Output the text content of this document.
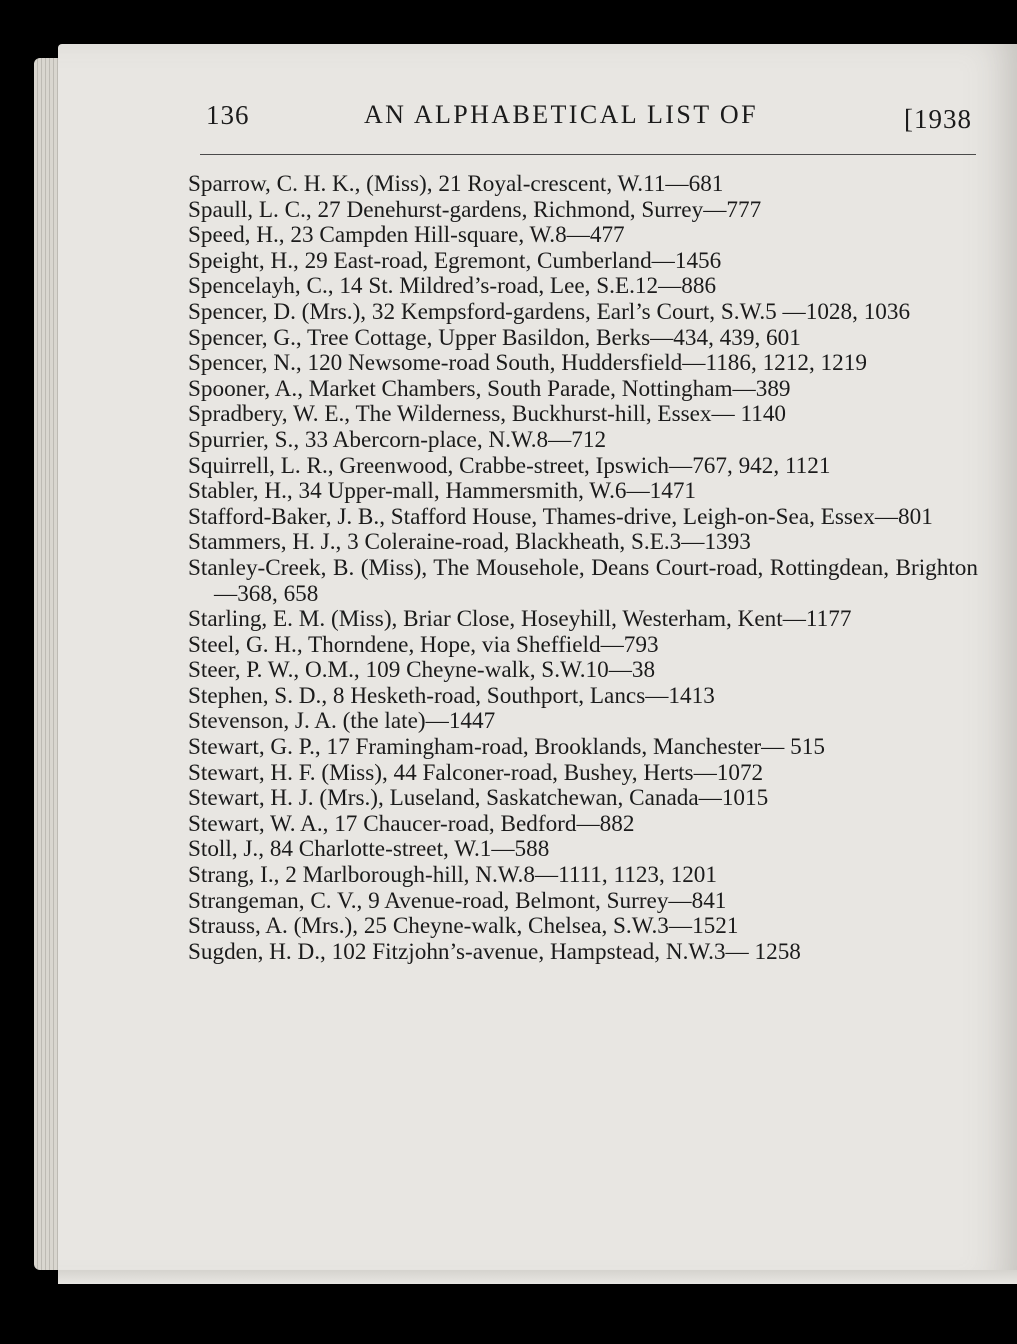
136	AN ALPHABETICAL LIST OF	[1938

Sparrow, C. H. K., (Miss), 21 Royal-crescent, W.11—681

Spaull, L. C., 27 Denehurst-gardens, Richmond, Surrey—777

Speed, H., 23 Campden Hill-square, W.8—477

Speight, H., 29 East-road, Egremont, Cumberland—1456

Spencelayh, C., 14 St. Mildred’s-road, Lee, S.E.12—886

Spencer, D. (Mrs.), 32 Kempsford-gardens, Earl’s Court, S.W.5 —1028, 1036

Spencer, G., Tree Cottage, Upper Basildon, Berks—434, 439, 601

Spencer, N., 120 Newsome-road South, Huddersfield—1186, 1212, 1219

Spooner, A., Market Chambers, South Parade, Nottingham—389

Spradbery, W. E., The Wilderness, Buckhurst-hill, Essex— 1140

Spurrier, S., 33 Abercorn-place, N.W.8—712

Squirrell, L. R., Greenwood, Crabbe-street, Ipswich—767, 942, 1121

Stabler, H., 34 Upper-mall, Hammersmith, W.6—1471

Stafford-Baker, J. B., Stafford House, Thames-drive, Leigh-on-Sea, Essex—801

Stammers, H. J., 3 Coleraine-road, Blackheath, S.E.3—1393

Stanley-Creek, B. (Miss), The Mousehole, Deans Court-road, Rottingdean, Brighton—368, 658

Starling, E. M. (Miss), Briar Close, Hoseyhill, Westerham, Kent—1177

Steel, G. H., Thorndene, Hope, via Sheffield—793

Steer, P. W., O.M., 109 Cheyne-walk, S.W.10—38

Stephen, S. D., 8 Hesketh-road, Southport, Lancs—1413

Stevenson, J. A. (the late)—1447

Stewart, G. P., 17 Framingham-road, Brooklands, Manchester— 515

Stewart, H. F. (Miss), 44 Falconer-road, Bushey, Herts—1072

Stewart, H. J. (Mrs.), Luseland, Saskatchewan, Canada—1015

Stewart, W. A., 17 Chaucer-road, Bedford—882

Stoll, J., 84 Charlotte-street, W.1—588

Strang, I., 2 Marlborough-hill, N.W.8—1111, 1123, 1201

Strangeman, C. V., 9 Avenue-road, Belmont, Surrey—841

Strauss, A. (Mrs.), 25 Cheyne-walk, Chelsea, S.W.3—1521

Sugden, H. D., 102 Fitzjohn’s-avenue, Hampstead, N.W.3— 1258
